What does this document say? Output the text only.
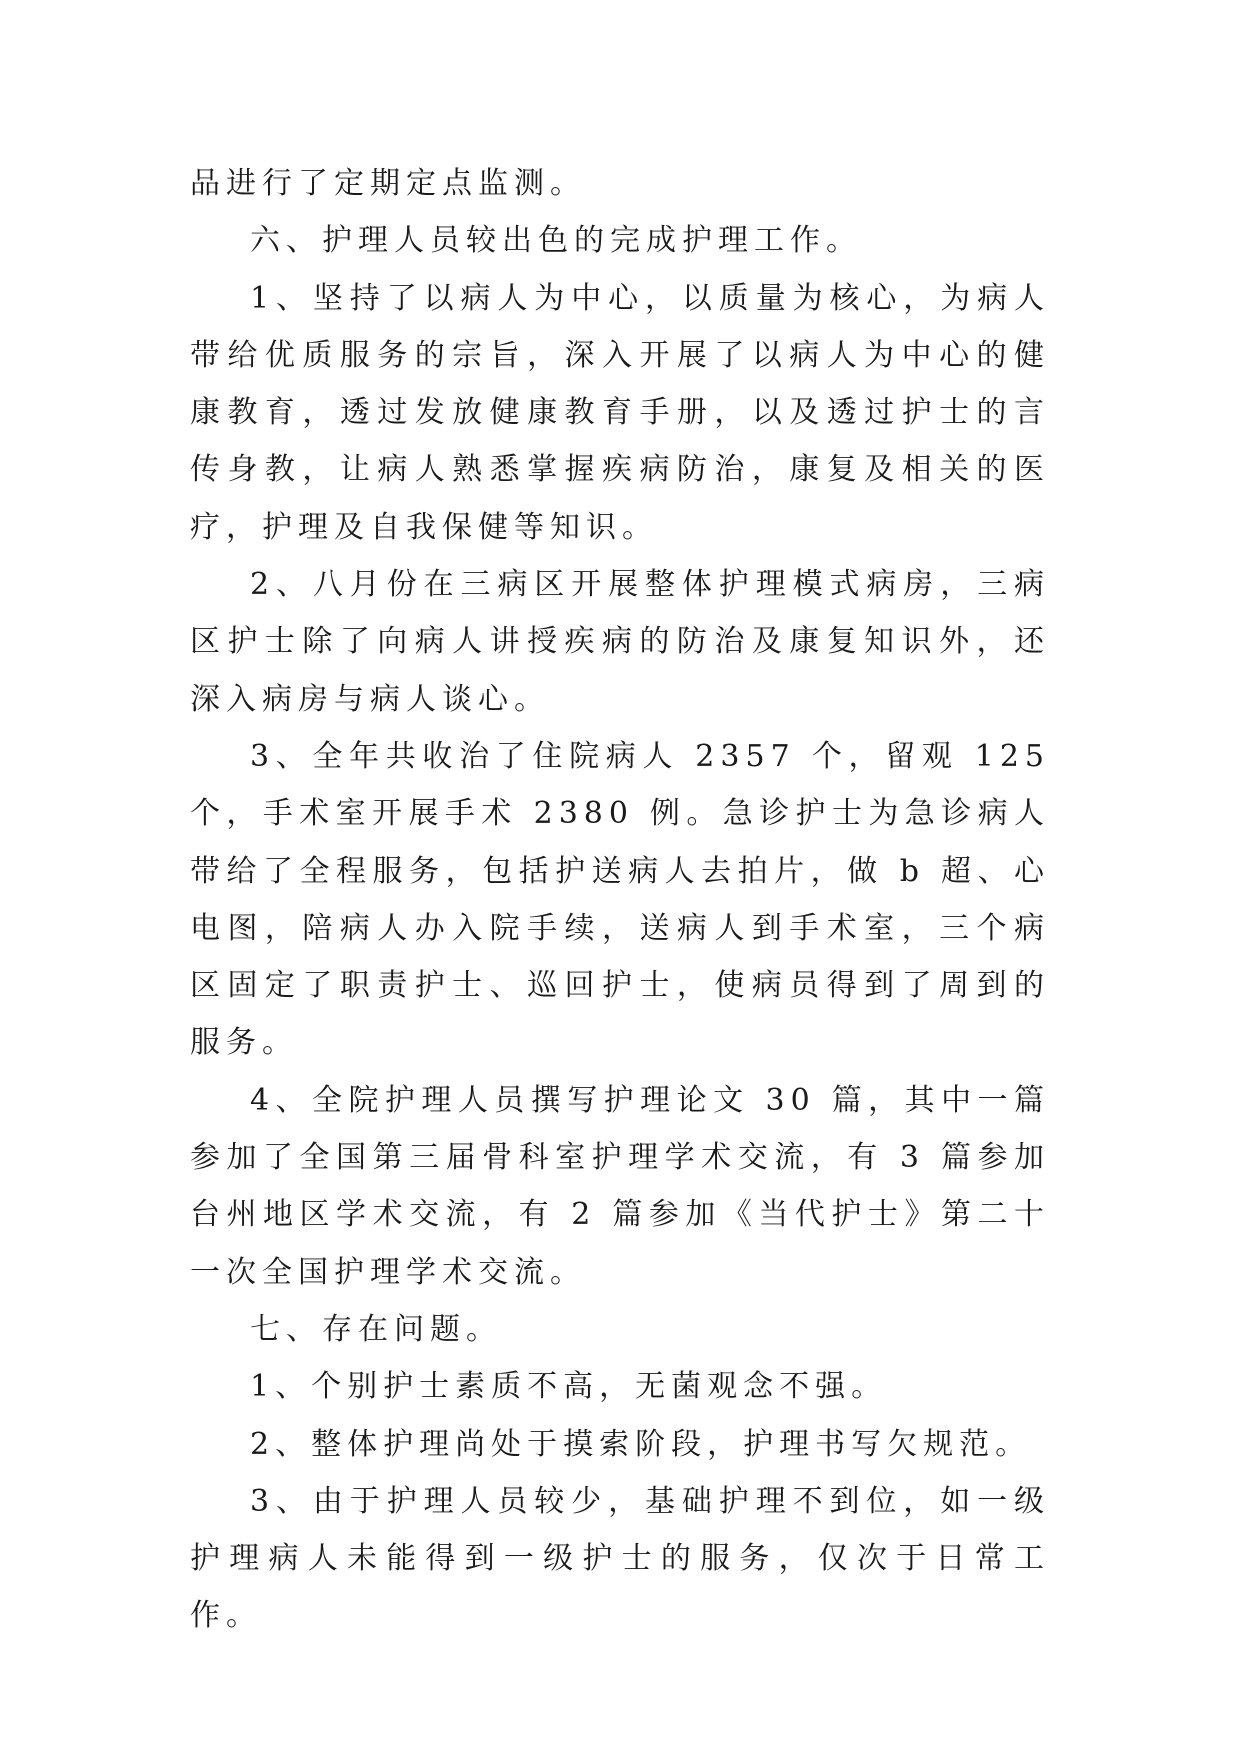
品进行了定期定点监测。

六、护理人员较出色的完成护理工作。

1、坚持了以病人为中心，以质量为核心，为病人带给优质服务的宗旨，深入开展了以病人为中心的健康教育，透过发放健康教育手册，以及透过护士的言传身教，让病人熟悉掌握疾病防治，康复及相关的医疗，护理及自我保健等知识。

2、八月份在三病区开展整体护理模式病房，三病区护士除了向病人讲授疾病的防治及康复知识外，还深入病房与病人谈心。

3、全年共收治了住院病人 2357 个，留观 125 个，手术室开展手术 2380 例。急诊护士为急诊病人带给了全程服务，包括护送病人去拍片，做 b 超、心电图，陪病人办入院手续，送病人到手术室，三个病区固定了职责护士、巡回护士，使病员得到了周到的服务。

4、全院护理人员撰写护理论文 30 篇，其中一篇参加了全国第三届骨科室护理学术交流，有 3 篇参加台州地区学术交流，有 2 篇参加《当代护士》第二十一次全国护理学术交流。

七、存在问题。

1、个别护士素质不高，无菌观念不强。

2、整体护理尚处于摸索阶段，护理书写欠规范。

3、由于护理人员较少，基础护理不到位，如一级护理病人未能得到一级护士的服务，仅次于日常工作。
